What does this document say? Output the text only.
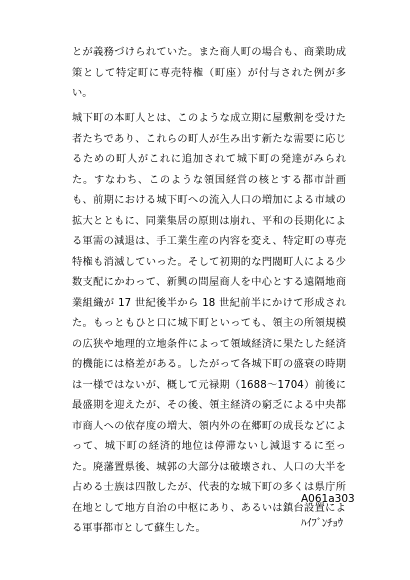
とが義務づけられていた。また商人町の場合も、商業助成策として特定町に専売特権（町座）が付与された例が多い。

城下町の本町人とは、このような成立期に屋敷割を受けた者たちであり、これらの町人が生み出す新たな需要に応じるための町人がこれに追加されて城下町の発達がみられた。すなわち、このような領国経営の核とする都市計画も、前期における城下町への流入人口の増加による市域の拡大とともに、同業集居の原則は崩れ、平和の長期化による軍需の減退は、手工業生産の内容を変え、特定町の専売特権も消滅していった。そして初期的な門閥町人による少数支配にかわって、新興の問屋商人を中心とする遠隔地商業組織が 17 世紀後半から 18 世紀前半にかけて形成された。もっともひと口に城下町といっても、領主の所領規模の広狭や地理的立地条件によって領域経済に果たした経済的機能には格差がある。したがって各城下町の盛衰の時期は一様ではないが、概して元禄期（1688～1704）前後に最盛期を迎えたが、その後、領主経済の窮乏による中央都市商人への依存度の増大、領内外の在郷町の成長などによって、城下町の経済的地位は停滞ないし減退するに至った。廃藩置県後、城郭の大部分は破壊され、人口の大半を占める士族は四散したが、代表的な城下町の多くは県庁所在地として地方自治の中枢にあり、あるいは鎮台設置による軍事都市として蘇生した。

A061a303

ﾊｲﾌﾞﾝﾁｮｳ
